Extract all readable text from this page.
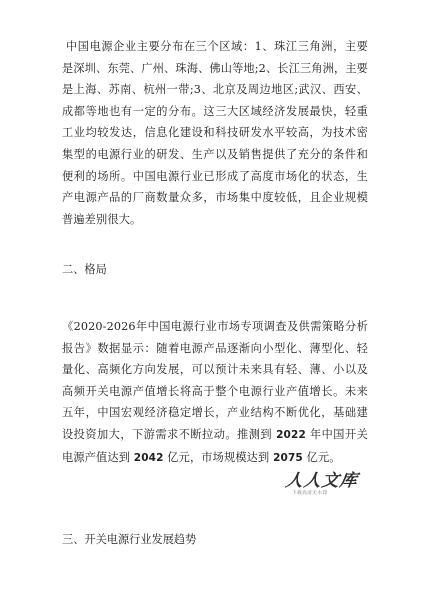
中国电源企业主要分布在三个区域：1、珠江三角洲，主要是深圳、东莞、广州、珠海、佛山等地;2、长江三角洲，主要是上海、苏南、杭州一带;3、北京及周边地区;武汉、西安、成都等地也有一定的分布。这三大区域经济发展最快，轻重工业均较发达，信息化建设和科技研发水平较高，为技术密集型的电源行业的研发、生产以及销售提供了充分的条件和便利的场所。中国电源行业已形成了高度市场化的状态，生产电源产品的厂商数量众多，市场集中度较低，且企业规模普遍差别很大。

二、格局

《2020-2026年中国电源行业市场专项调查及供需策略分析报告》数据显示：随着电源产品逐渐向小型化、薄型化、轻量化、高频化方向发展，可以预计未来具有轻、薄、小以及高频开关电源产值增长将高于整个电源行业产值增长。未来五年，中国宏观经济稳定增长，产业结构不断优化，基础建设投资加大，下游需求不断拉动。推测到 2022 年中国开关电源产值达到 2042 亿元，市场规模达到 2075 亿元。

三、开关电源行业发展趋势

人人文库
下载高清无水印
